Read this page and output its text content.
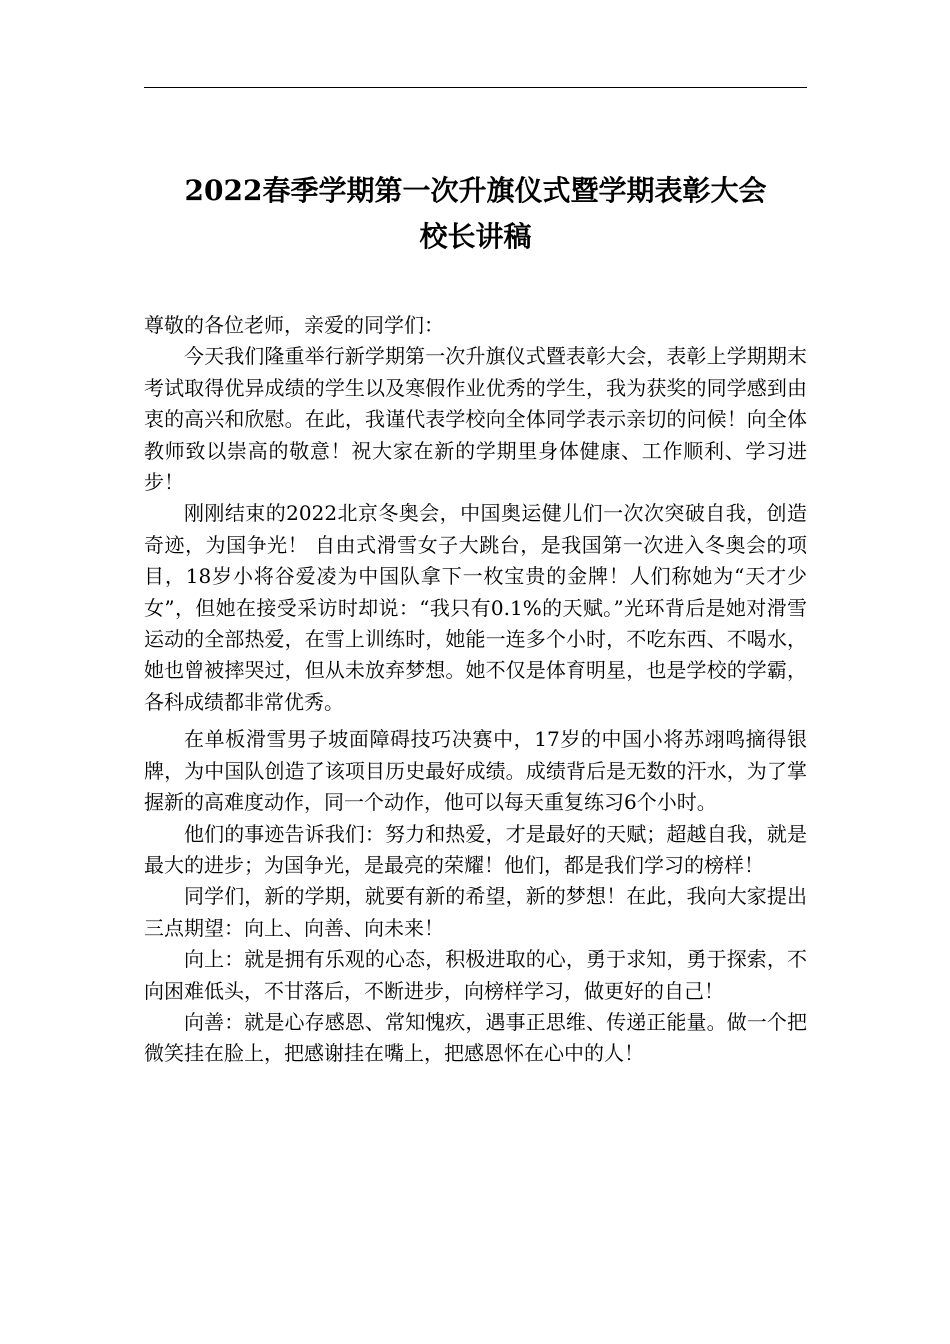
2022春季学期第一次升旗仪式暨学期表彰大会
校长讲稿

尊敬的各位老师，亲爱的同学们：

今天我们隆重举行新学期第一次升旗仪式暨表彰大会，表彰上学期期末考试取得优异成绩的学生以及寒假作业优秀的学生，我为获奖的同学感到由衷的高兴和欣慰。在此，我谨代表学校向全体同学表示亲切的问候！向全体教师致以崇高的敬意！祝大家在新的学期里身体健康、工作顺利、学习进步！

刚刚结束的2022北京冬奥会，中国奥运健儿们一次次突破自我，创造奇迹，为国争光！ 自由式滑雪女子大跳台，是我国第一次进入冬奥会的项目，18岁小将谷爱凌为中国队拿下一枚宝贵的金牌！人们称她为“天才少女”，但她在接受采访时却说：“我只有0.1%的天赋。”光环背后是她对滑雪运动的全部热爱，在雪上训练时，她能一连多个小时，不吃东西、不喝水，她也曾被摔哭过，但从未放弃梦想。她不仅是体育明星，也是学校的学霸，各科成绩都非常优秀。

在单板滑雪男子坡面障碍技巧决赛中，17岁的中国小将苏翊鸣摘得银牌，为中国队创造了该项目历史最好成绩。成绩背后是无数的汗水，为了掌握新的高难度动作，同一个动作，他可以每天重复练习6个小时。

他们的事迹告诉我们：努力和热爱，才是最好的天赋；超越自我，就是最大的进步；为国争光，是最亮的荣耀！他们，都是我们学习的榜样！

同学们，新的学期，就要有新的希望，新的梦想！在此，我向大家提出三点期望：向上、向善、向未来！

向上：就是拥有乐观的心态，积极进取的心，勇于求知，勇于探索，不向困难低头，不甘落后，不断进步，向榜样学习，做更好的自己！

向善：就是心存感恩、常知愧疚，遇事正思维、传递正能量。做一个把微笑挂在脸上，把感谢挂在嘴上，把感恩怀在心中的人！
